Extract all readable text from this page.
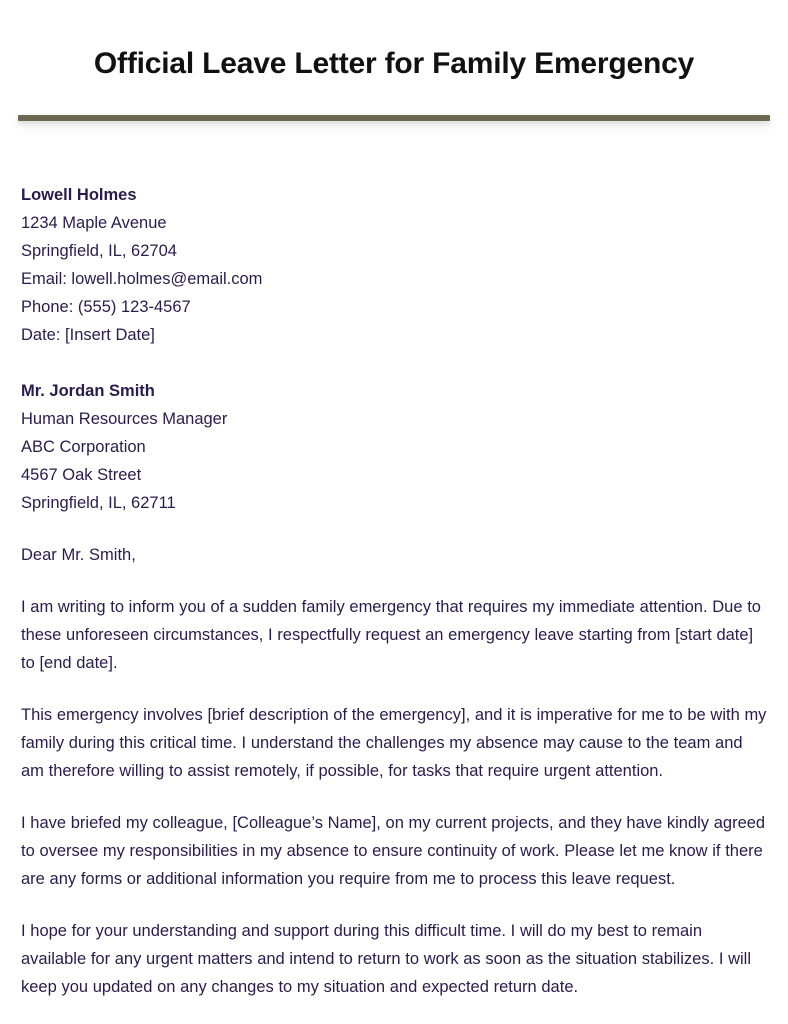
Official Leave Letter for Family Emergency
Lowell Holmes
1234 Maple Avenue
Springfield, IL, 62704
Email: lowell.holmes@email.com
Phone: (555) 123-4567
Date: [Insert Date]
Mr. Jordan Smith
Human Resources Manager
ABC Corporation
4567 Oak Street
Springfield, IL, 62711

Dear Mr. Smith,

I am writing to inform you of a sudden family emergency that requires my immediate attention. Due to these unforeseen circumstances, I respectfully request an emergency leave starting from [start date] to [end date].

This emergency involves [brief description of the emergency], and it is imperative for me to be with my family during this critical time. I understand the challenges my absence may cause to the team and am therefore willing to assist remotely, if possible, for tasks that require urgent attention.

I have briefed my colleague, [Colleague’s Name], on my current projects, and they have kindly agreed to oversee my responsibilities in my absence to ensure continuity of work. Please let me know if there are any forms or additional information you require from me to process this leave request.

I hope for your understanding and support during this difficult time. I will do my best to remain available for any urgent matters and intend to return to work as soon as the situation stabilizes. I will keep you updated on any changes to my situation and expected return date.
